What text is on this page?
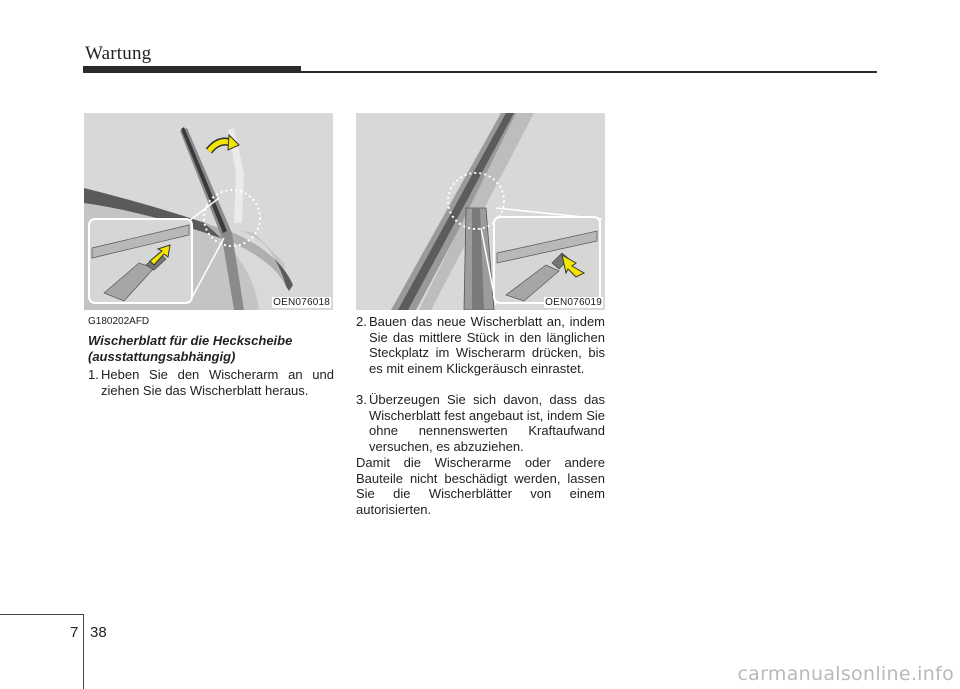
Wartung
OEN076018	OEN076019
G180202AFD
Wischerblatt für die Heckscheibe (ausstattungsabhängig)
1. Heben Sie den Wischerarm an und ziehen Sie das Wischerblatt heraus.
2. Bauen das neue Wischerblatt an, indem Sie das mittlere Stück in den länglichen Steckplatz im Wischerarm drücken, bis es mit einem Klickgeräusch einrastet.
3. Überzeugen Sie sich davon, dass das Wischerblatt fest angebaut ist, indem Sie ohne nennenswerten Kraftaufwand versuchen, es abzuziehen.
Damit die Wischerarme oder andere Bauteile nicht beschädigt werden, lassen Sie die Wischerblätter von einem autorisierten.
7 38
carmanualsonline.info
